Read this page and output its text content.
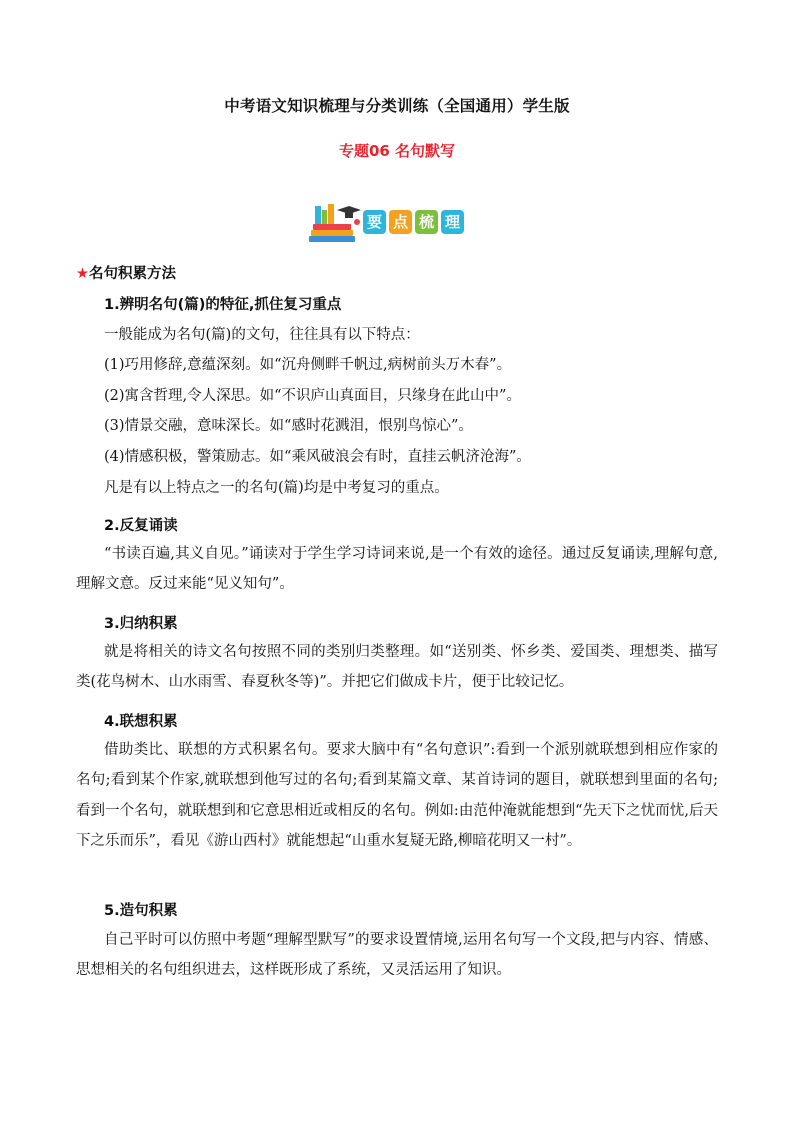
中考语文知识梳理与分类训练（全国通用）学生版
专题06 名句默写
要 点 梳 理
★名句积累方法
1.辨明名句(篇)的特征,抓住复习重点
一般能成为名句(篇)的文句，往往具有以下特点：
(1)巧用修辞,意蕴深刻。如“沉舟侧畔千帆过,病树前头万木春”。
(2)寓含哲理,令人深思。如“不识庐山真面目，只缘身在此山中”。
(3)情景交融，意味深长。如“感时花溅泪，恨别鸟惊心”。
(4)情感积极，警策励志。如“乘风破浪会有时，直挂云帆济沧海”。
凡是有以上特点之一的名句(篇)均是中考复习的重点。
2.反复诵读
“书读百遍,其义自见。”诵读对于学生学习诗词来说,是一个有效的途径。通过反复诵读,理解句意,理解文意。反过来能“见义知句”。
3.归纳积累
就是将相关的诗文名句按照不同的类别归类整理。如“送别类、怀乡类、爱国类、理想类、描写类(花鸟树木、山水雨雪、春夏秋冬等)”。并把它们做成卡片，便于比较记忆。
4.联想积累
借助类比、联想的方式积累名句。要求大脑中有“名句意识”:看到一个派别就联想到相应作家的名句;看到某个作家,就联想到他写过的名句;看到某篇文章、某首诗词的题目，就联想到里面的名句;看到一个名句，就联想到和它意思相近或相反的名句。例如:由范仲淹就能想到“先天下之忧而忧,后天下之乐而乐”，看见《游山西村》就能想起“山重水复疑无路,柳暗花明又一村”。
5.造句积累
自己平时可以仿照中考题“理解型默写”的要求设置情境,运用名句写一个文段,把与内容、情感、思想相关的名句组织进去，这样既形成了系统，又灵活运用了知识。
